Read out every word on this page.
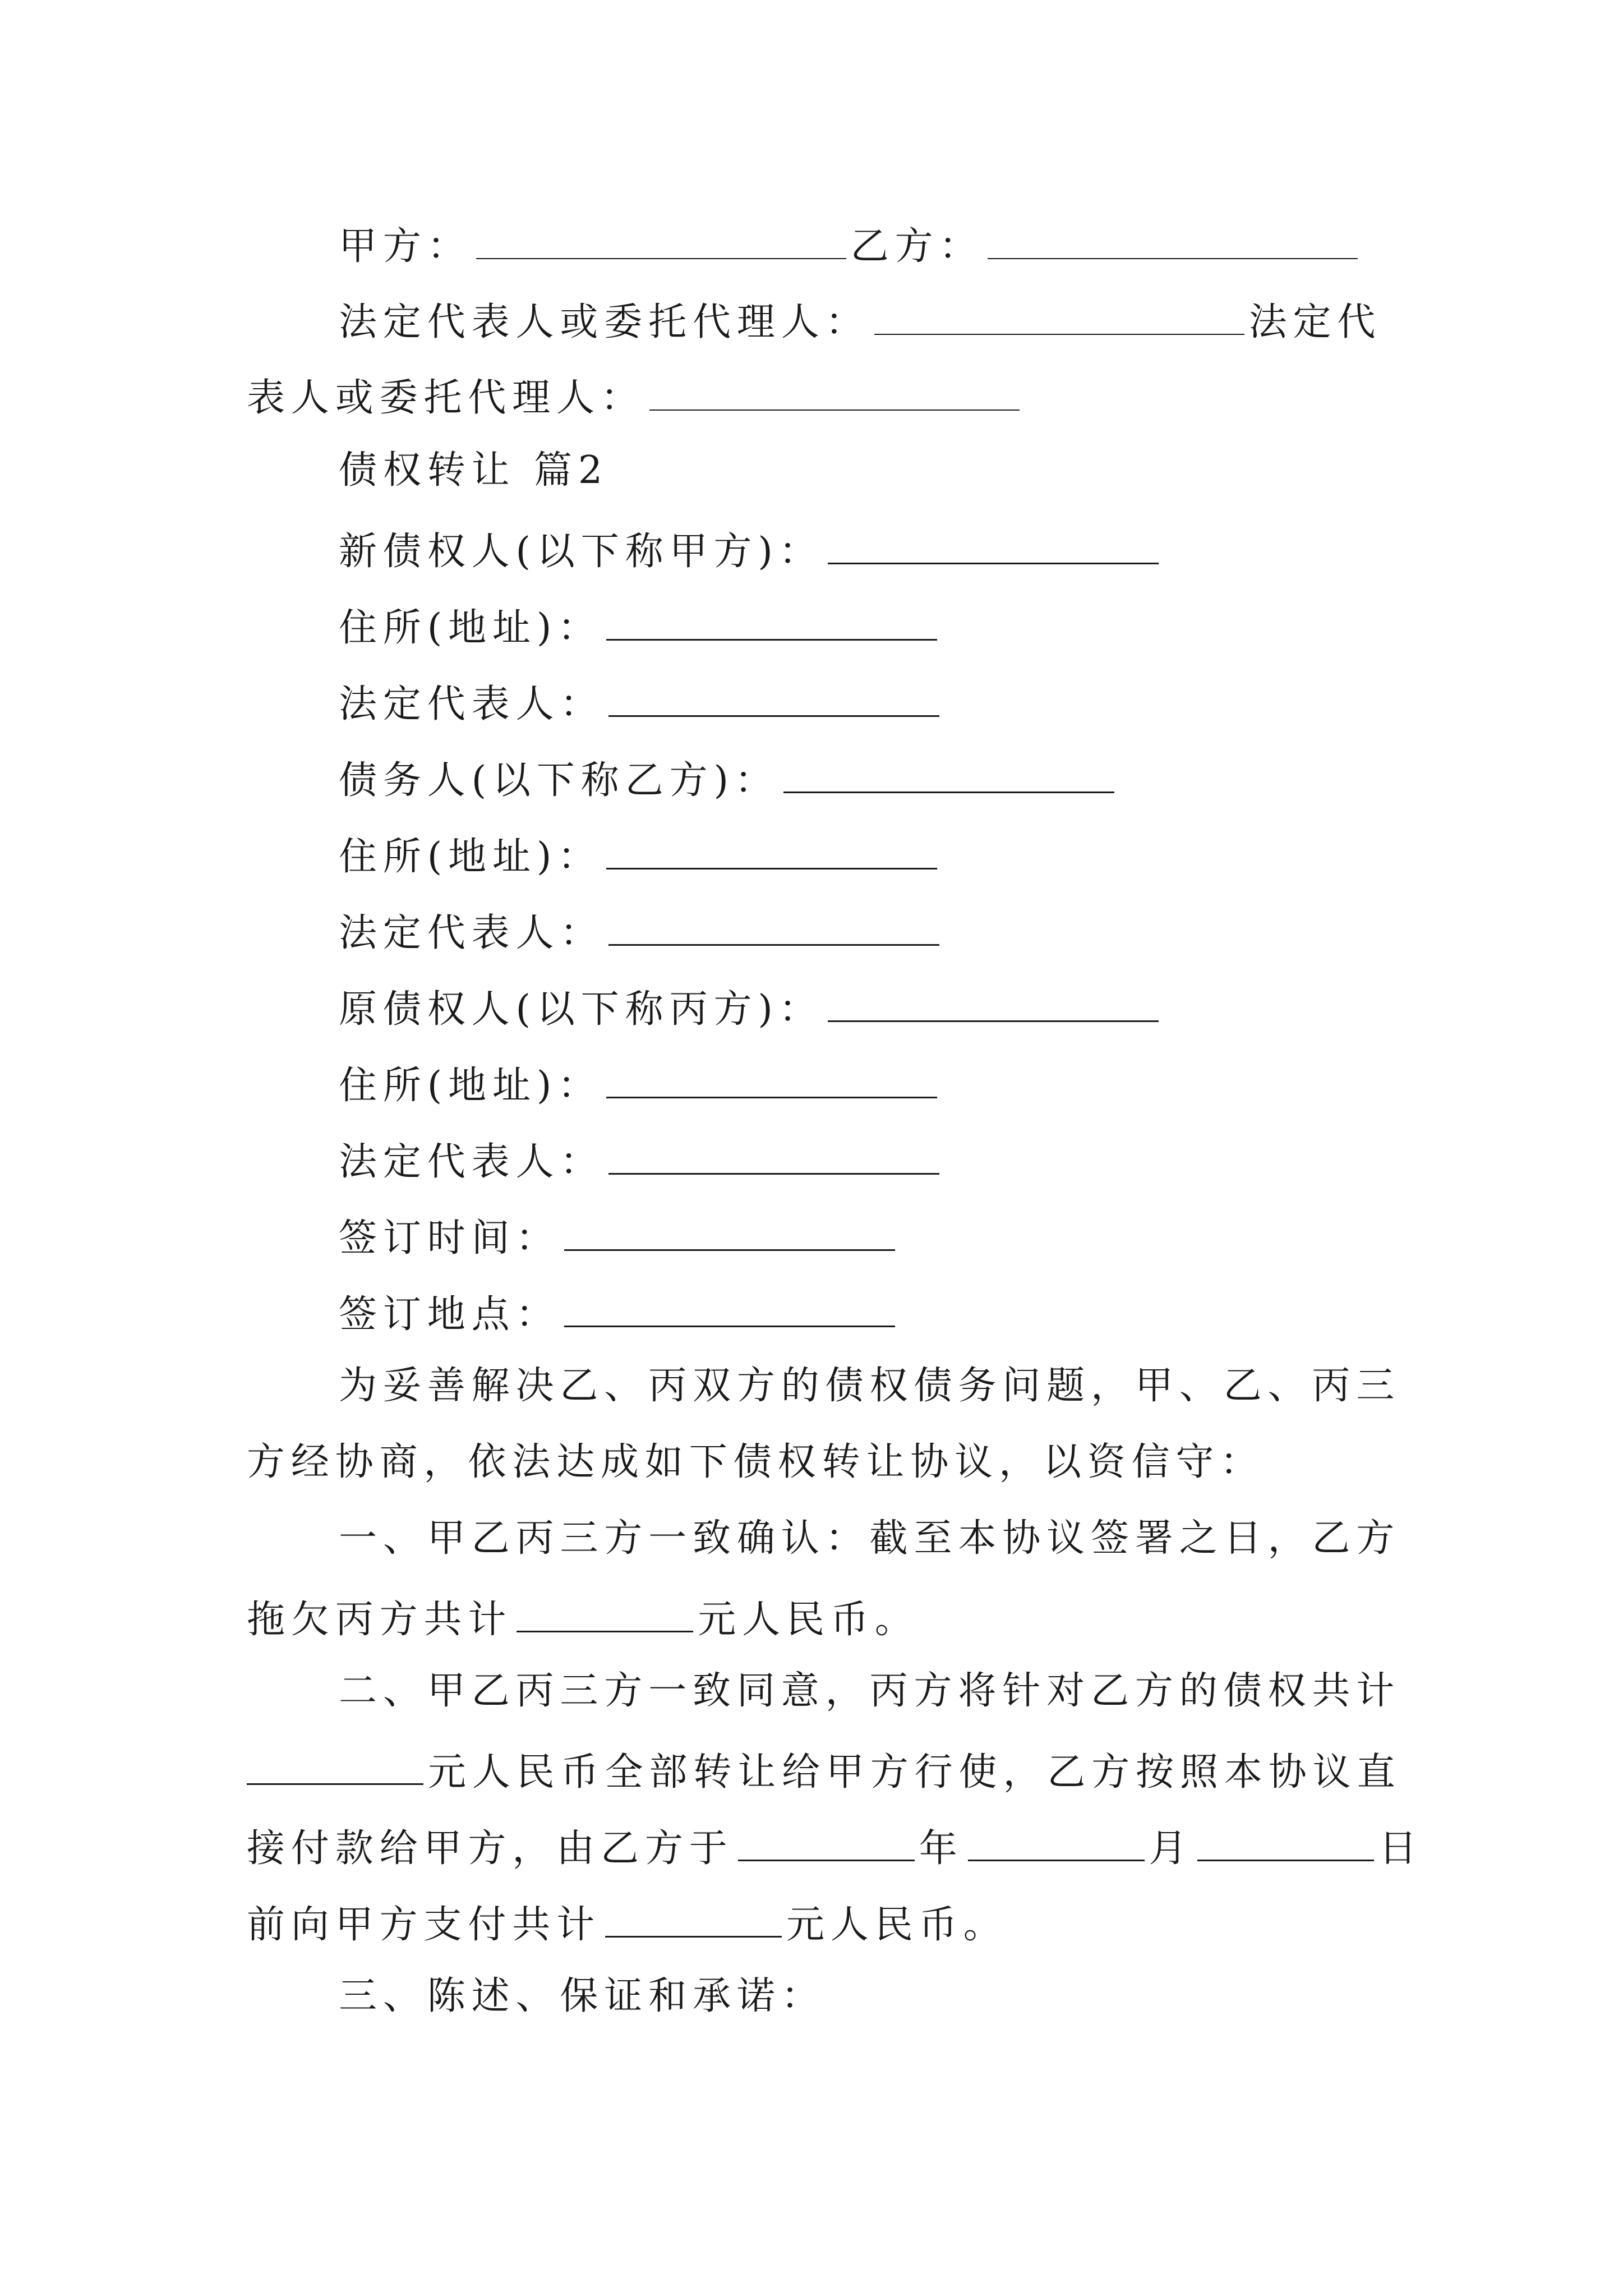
甲方：	乙方：
法定代表人或委托代理人：	法定代
表人或委托代理人：
债权转让 篇2
新债权人(以下称甲方)：
住所(地址)：
法定代表人：
债务人(以下称乙方)：
住所(地址)：
法定代表人：
原债权人(以下称丙方)：
住所(地址)：
法定代表人：
签订时间：
签订地点：
为妥善解决乙、丙双方的债权债务问题，甲、乙、丙三
方经协商，依法达成如下债权转让协议，以资信守：
一、甲乙丙三方一致确认：截至本协议签署之日，乙方
拖欠丙方共计	元人民币。
二、甲乙丙三方一致同意，丙方将针对乙方的债权共计
元人民币全部转让给甲方行使，乙方按照本协议直
接付款给甲方，由乙方于	年	月	日
前向甲方支付共计	元人民币。
三、陈述、保证和承诺：
